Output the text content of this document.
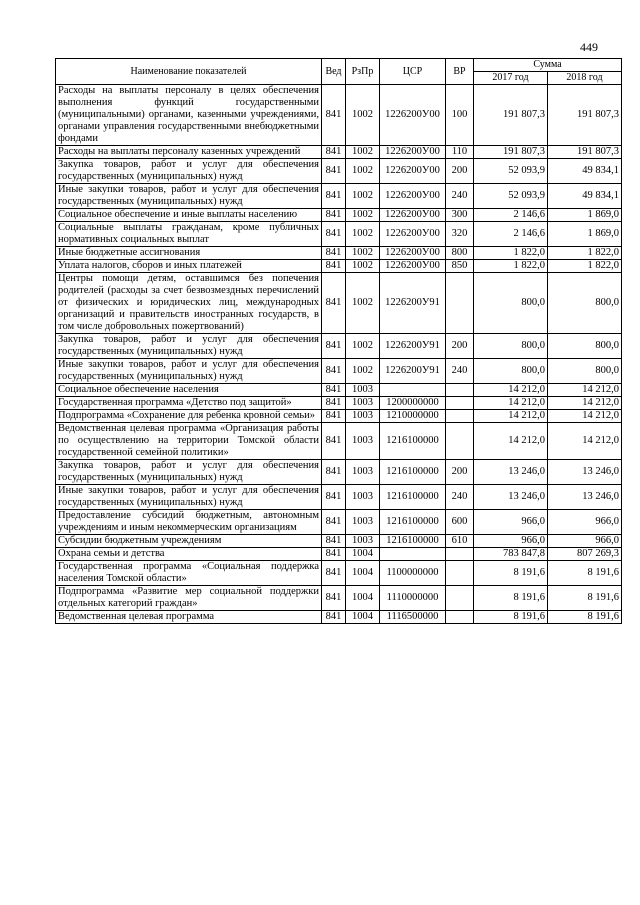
449
Наименование показателей	Вед	РзПр	ЦСР	ВР	Сумма	
					2017 год	2018 год
Расходы на выплаты персоналу в целях обеспечения выполнения функций государственными (муниципальными) органами, казенными учреждениями, органами управления государственными внебюджетными фондами	841	1002	1226200У00	100	191 807,3	191 807,3
Расходы на выплаты персоналу казенных учреждений	841	1002	1226200У00	110	191 807,3	191 807,3
Закупка товаров, работ и услуг для обеспечения государственных (муниципальных) нужд	841	1002	1226200У00	200	52 093,9	49 834,1
Иные закупки товаров, работ и услуг для обеспечения государственных (муниципальных) нужд	841	1002	1226200У00	240	52 093,9	49 834,1
Социальное обеспечение и иные выплаты населению	841	1002	1226200У00	300	2 146,6	1 869,0
Социальные выплаты гражданам, кроме публичных нормативных социальных выплат	841	1002	1226200У00	320	2 146,6	1 869,0
Иные бюджетные ассигнования	841	1002	1226200У00	800	1 822,0	1 822,0
Уплата налогов, сборов и иных платежей	841	1002	1226200У00	850	1 822,0	1 822,0
Центры помощи детям, оставшимся без попечения родителей (расходы за счет безвозмездных перечислений от физических и юридических лиц, международных организаций и правительств иностранных государств, в том числе добровольных пожертвований)	841	1002	1226200У91		800,0	800,0
Закупка товаров, работ и услуг для обеспечения государственных (муниципальных) нужд	841	1002	1226200У91	200	800,0	800,0
Иные закупки товаров, работ и услуг для обеспечения государственных (муниципальных) нужд	841	1002	1226200У91	240	800,0	800,0
Социальное обеспечение населения	841	1003			14 212,0	14 212,0
Государственная программа «Детство под защитой»	841	1003	1200000000		14 212,0	14 212,0
Подпрограмма «Сохранение для ребенка кровной семьи»	841	1003	1210000000		14 212,0	14 212,0
Ведомственная целевая программа «Организация работы по осуществлению на территории Томской области государственной семейной политики»	841	1003	1216100000		14 212,0	14 212,0
Закупка товаров, работ и услуг для обеспечения государственных (муниципальных) нужд	841	1003	1216100000	200	13 246,0	13 246,0
Иные закупки товаров, работ и услуг для обеспечения государственных (муниципальных) нужд	841	1003	1216100000	240	13 246,0	13 246,0
Предоставление субсидий бюджетным, автономным учреждениям и иным некоммерческим организациям	841	1003	1216100000	600	966,0	966,0
Субсидии бюджетным учреждениям	841	1003	1216100000	610	966,0	966,0
Охрана семьи и детства	841	1004			783 847,8	807 269,3
Государственная программа «Социальная поддержка населения Томской области»	841	1004	1100000000		8 191,6	8 191,6
Подпрограмма «Развитие мер социальной поддержки отдельных категорий граждан»	841	1004	1110000000		8 191,6	8 191,6
Ведомственная целевая программа	841	1004	1116500000		8 191,6	8 191,6
